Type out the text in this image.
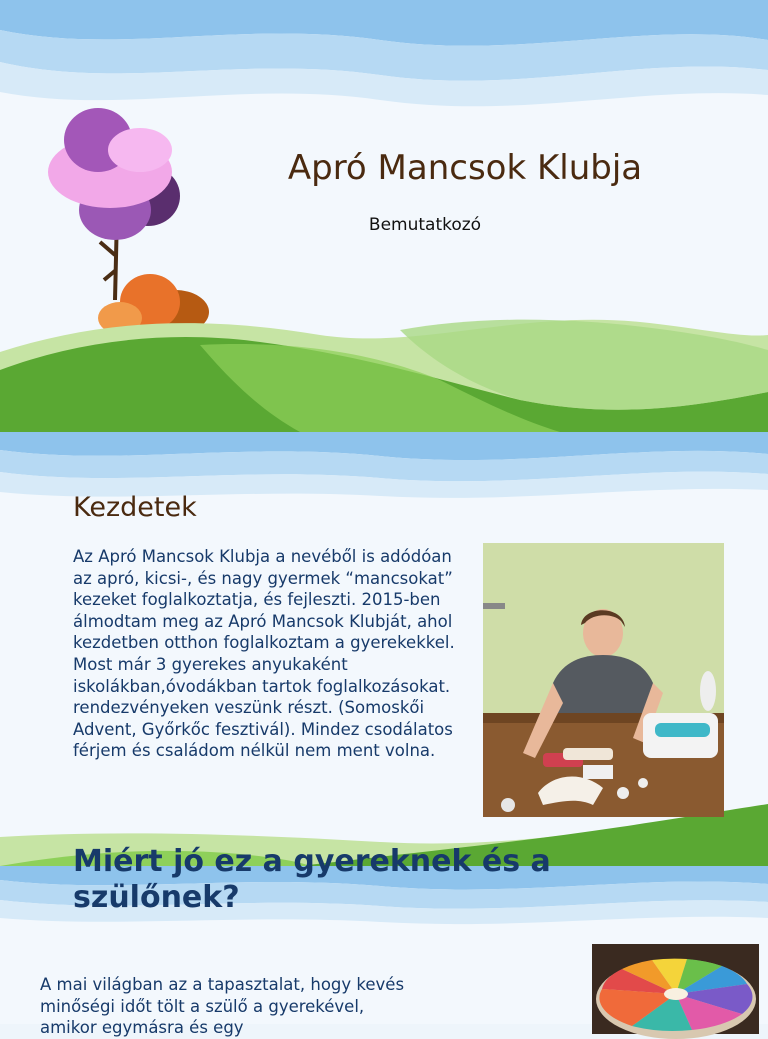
Apró Mancsok Klubja
Bemutatkozó
Kezdetek
Az Apró Mancsok Klubja a nevéből is adódóan az apró, kicsi-, és nagy gyermek “mancsokat” kezeket foglalkoztatja, és fejleszti. 2015-ben álmodtam meg az Apró Mancsok Klubját, ahol kezdetben otthon foglalkoztam a gyerekekkel. Most már 3 gyerekes anyukaként iskolákban,óvodákban tartok foglalkozásokat. rendezvényeken veszünk részt. (Somoskői Advent, Győrkőc fesztivál). Mindez csodálatos férjem és családom nélkül nem ment volna.
Miért jó ez a gyereknek és a szülőnek?
A mai világban az a tapasztalat, hogy kevés minőségi időt tölt a szülő a gyerekével, amikor egymásra és egy
